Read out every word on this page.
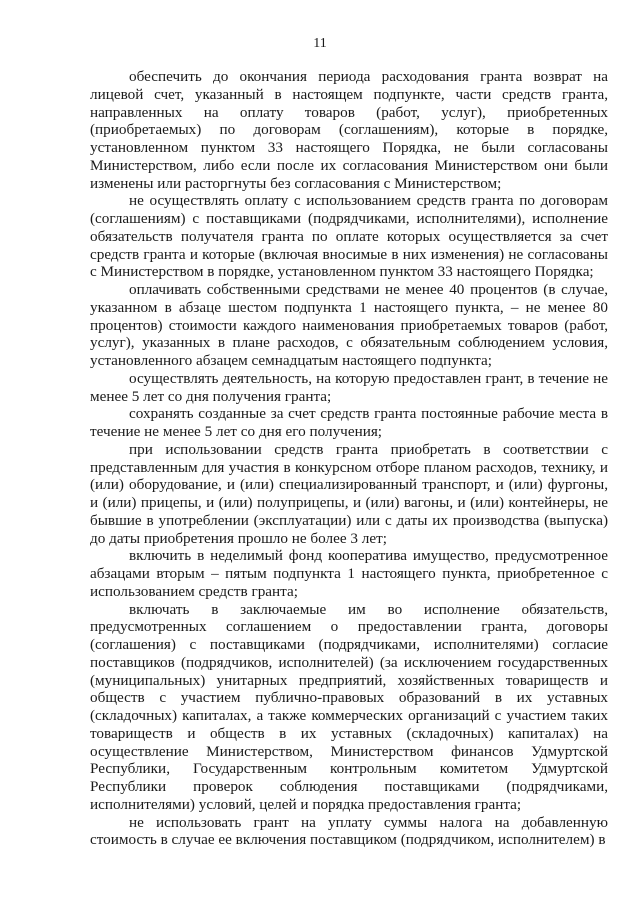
11

обеспечить до окончания периода расходования гранта возврат на лицевой счет, указанный в настоящем подпункте, части средств гранта, направленных на оплату товаров (работ, услуг), приобретенных (приобретаемых) по договорам (соглашениям), которые в порядке, установленном пунктом 33 настоящего Порядка, не были согласованы Министерством, либо если после их согласования Министерством они были изменены или расторгнуты без согласования с Министерством;

не осуществлять оплату с использованием средств гранта по договорам (соглашениям) с поставщиками (подрядчиками, исполнителями), исполнение обязательств получателя гранта по оплате которых осуществляется за счет средств гранта и которые (включая вносимые в них изменения) не согласованы с Министерством в порядке, установленном пунктом 33 настоящего Порядка;

оплачивать собственными средствами не менее 40 процентов (в случае, указанном в абзаце шестом подпункта 1 настоящего пункта, – не менее 80 процентов) стоимости каждого наименования приобретаемых товаров (работ, услуг), указанных в плане расходов, с обязательным соблюдением условия, установленного абзацем семнадцатым настоящего подпункта;

осуществлять деятельность, на которую предоставлен грант, в течение не менее 5 лет со дня получения гранта;

сохранять созданные за счет средств гранта постоянные рабочие места в течение не менее 5 лет со дня его получения;

при использовании средств гранта приобретать в соответствии с представленным для участия в конкурсном отборе планом расходов, технику, и (или) оборудование, и (или) специализированный транспорт, и (или) фургоны, и (или) прицепы, и (или) полуприцепы, и (или) вагоны, и (или) контейнеры, не бывшие в употреблении (эксплуатации) или с даты их производства (выпуска) до даты приобретения прошло не более 3 лет;

включить в неделимый фонд кооператива имущество, предусмотренное абзацами вторым – пятым подпункта 1 настоящего пункта, приобретенное с использованием средств гранта;

включать в заключаемые им во исполнение обязательств, предусмотренных соглашением о предоставлении гранта, договоры (соглашения) с поставщиками (подрядчиками, исполнителями) согласие поставщиков (подрядчиков, исполнителей) (за исключением государственных (муниципальных) унитарных предприятий, хозяйственных товариществ и обществ с участием публично-правовых образований в их уставных (складочных) капиталах, а также коммерческих организаций с участием таких товариществ и обществ в их уставных (складочных) капиталах) на осуществление Министерством, Министерством финансов Удмуртской Республики, Государственным контрольным комитетом Удмуртской Республики проверок соблюдения поставщиками (подрядчиками, исполнителями) условий, целей и порядка предоставления гранта;

не использовать грант на уплату суммы налога на добавленную стоимость в случае ее включения поставщиком (подрядчиком, исполнителем) в
